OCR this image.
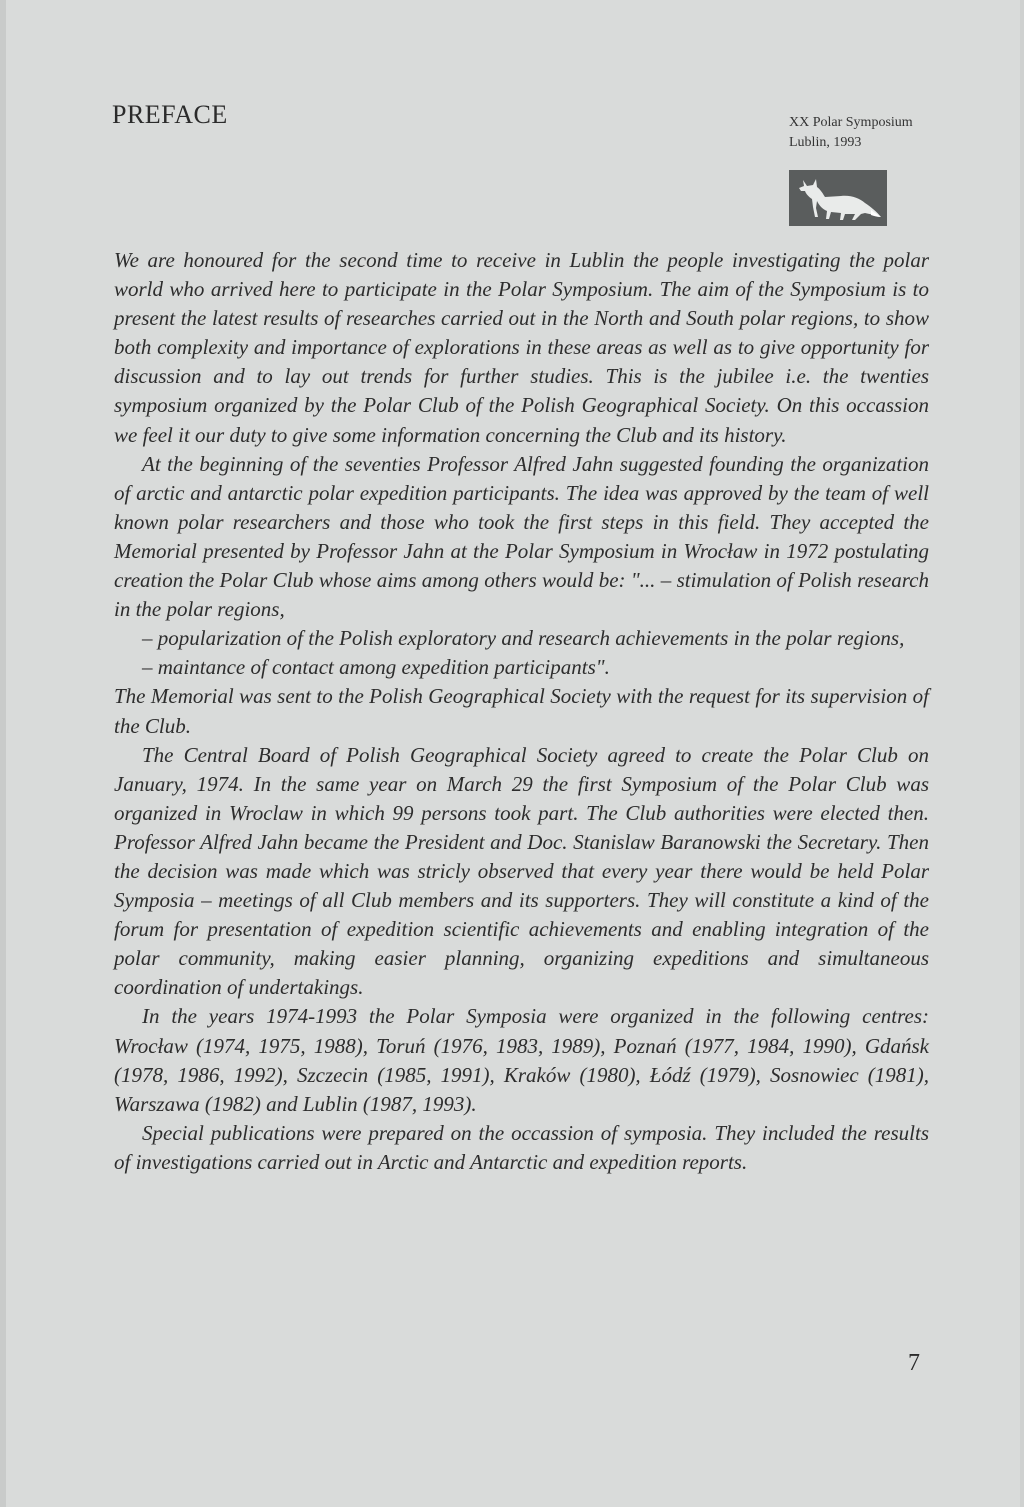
PREFACE	XX Polar Symposium
Lublin, 1993

We are honoured for the second time to receive in Lublin the people investigating the polar world who arrived here to participate in the Polar Symposium. The aim of the Symposium is to present the latest results of researches carried out in the North and South polar regions, to show both complexity and importance of explorations in these areas as well as to give opportunity for discussion and to lay out trends for further studies. This is the jubilee i.e. the twenties symposium organized by the Polar Club of the Polish Geographical Society. On this occassion we feel it our duty to give some information concerning the Club and its history.

At the beginning of the seventies Professor Alfred Jahn suggested founding the organization of arctic and antarctic polar expedition participants. The idea was approved by the team of well known polar researchers and those who took the first steps in this field. They accepted the Memorial presented by Professor Jahn at the Polar Symposium in Wrocław in 1972 postulating creation the Polar Club whose aims among others would be: "... – stimulation of Polish research in the polar regions,

– popularization of the Polish exploratory and research achievements in the polar regions,

– maintance of contact among expedition participants".

The Memorial was sent to the Polish Geographical Society with the request for its supervision of the Club.

The Central Board of Polish Geographical Society agreed to create the Polar Club on January, 1974. In the same year on March 29 the first Symposium of the Polar Club was organized in Wroclaw in which 99 persons took part. The Club authorities were elected then. Professor Alfred Jahn became the President and Doc. Stanislaw Baranowski the Secretary. Then the decision was made which was stricly observed that every year there would be held Polar Symposia – meetings of all Club members and its supporters. They will constitute a kind of the forum for presentation of expedition scientific achievements and enabling integration of the polar community, making easier planning, organizing expeditions and simultaneous coordination of undertakings.

In the years 1974-1993 the Polar Symposia were organized in the following centres: Wrocław (1974, 1975, 1988), Toruń (1976, 1983, 1989), Poznań (1977, 1984, 1990), Gdańsk (1978, 1986, 1992), Szczecin (1985, 1991), Kraków (1980), Łódź (1979), Sosnowiec (1981), Warszawa (1982) and Lublin (1987, 1993).

Special publications were prepared on the occassion of symposia. They included the results of investigations carried out in Arctic and Antarctic and expedition reports.

7
